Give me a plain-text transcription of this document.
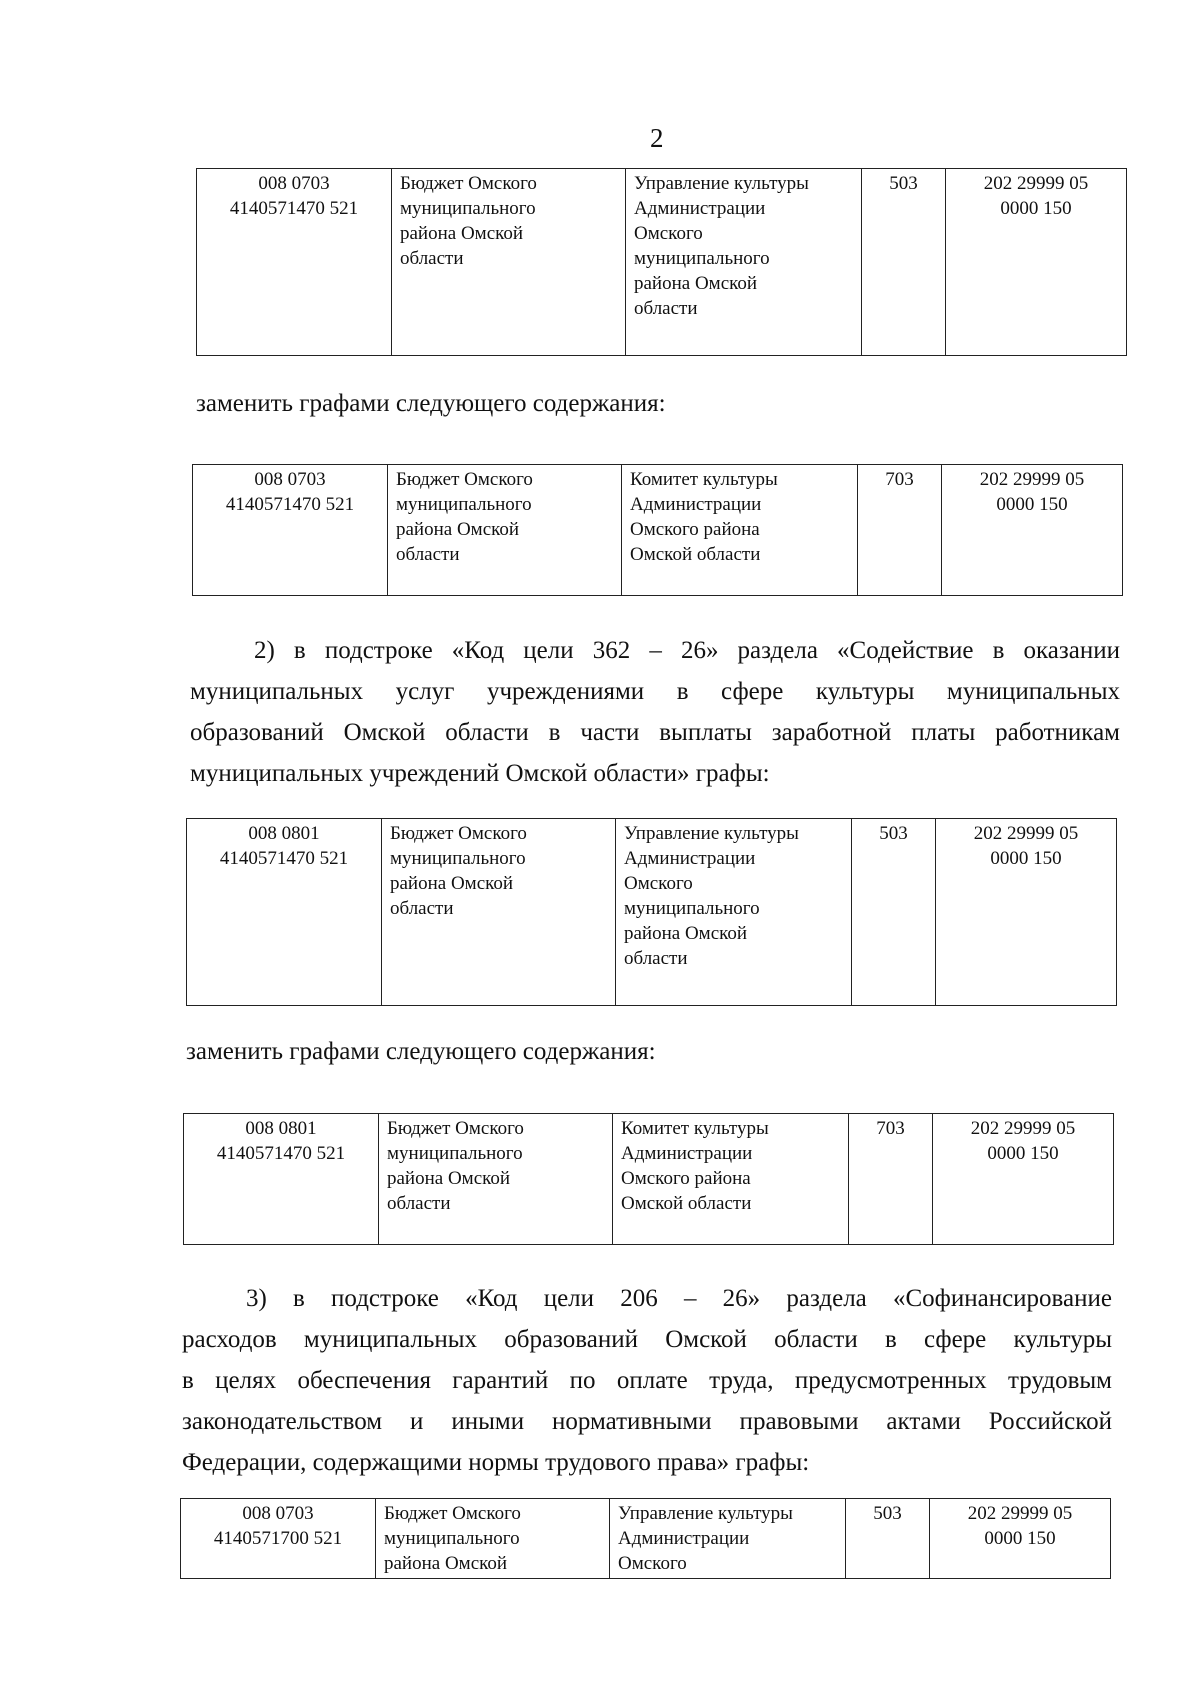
2
008 0703
4140571470 521

Бюджет Омского
муниципального
района Омской
области

Управление культуры
Администрации
Омского
муниципального
района Омской
области
	503	202 29999 05
0000 150

заменить графами следующего содержания:

008 0703
4140571470 521

Бюджет Омского
муниципального
района Омской
области

Комитет культуры
Администрации
Омского района
Омской области
	703	202 29999 05
0000 150
2) в подстроке «Код цели 362 – 26» раздела «Содействие в оказании
муниципальных услуг учреждениями в сфере культуры муниципальных
образований Омской области в части выплаты заработной платы работникам
муниципальных учреждений Омской области» графы:
008 0801
4140571470 521

Бюджет Омского
муниципального
района Омской
области

Управление культуры
Администрации
Омского
муниципального
района Омской
области
	503	202 29999 05
0000 150

заменить графами следующего содержания:

008 0801
4140571470 521

Бюджет Омского
муниципального
района Омской
области

Комитет культуры
Администрации
Омского района
Омской области
	703	202 29999 05
0000 150
3) в подстроке «Код цели 206 – 26» раздела «Софинансирование
расходов муниципальных образований Омской области в сфере культуры
в целях обеспечения гарантий по оплате труда, предусмотренных трудовым
законодательством и иными нормативными правовыми актами Российской
Федерации, содержащими нормы трудового права» графы:
008 0703
4140571700 521

Бюджет Омского
муниципального
района Омской

Управление культуры
Администрации
Омского
	503	202 29999 05
0000 150
